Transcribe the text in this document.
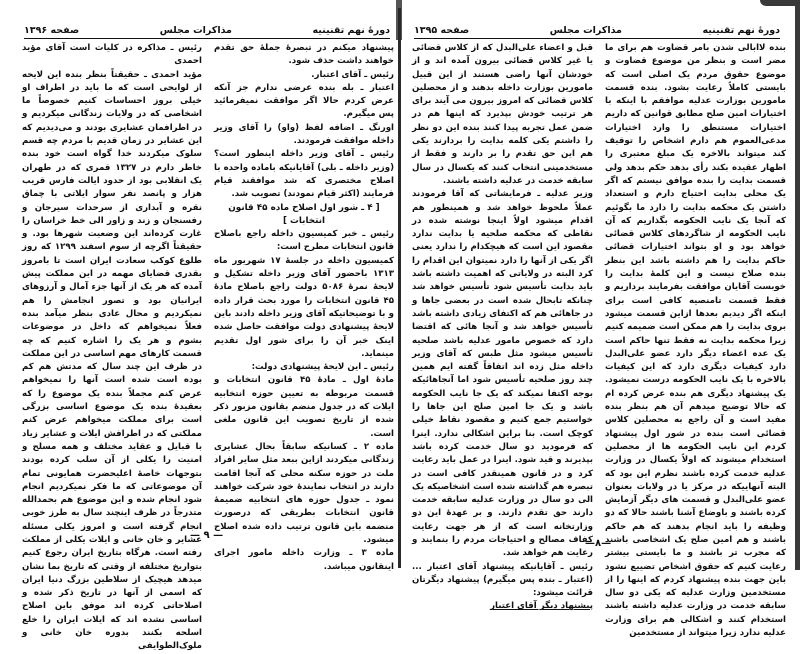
دورهٔ نهم تقنینیه
مذاکرات مجلس
صفحه ۱۳۹۶

پیشنهاد میکنم در تبصرهٔ جملهٔ حق تقدم خواهند داشت حذف شود.

رئیس ـ آقای اعتبار.

اعتبار ـ بله بنده عرضی ندارم جز آنکه عرض کردم حالا اگر موافقت نمیفرمائید پس میگیرم.

اورنگ ـ اضافه لفظ (واو) را آقای وزیر داخله موافقت فرمودند.

رئیس ـ آقای وزیر داخله اینطور است؟ (وزیر داخله ـ بلی) آقایانیکه باماده واحده با اصلاح مختصری که شد موافقند قیام فرمایند (اکثر قیام نمودند) تصویب شد.

[ ۴ ـ شور اول اصلاح ماده ۴۵ قانون انتخابات ]

رئیس ـ خبر کمیسیون داخله راجع باصلاح قانون انتخابات مطرح است:

کمیسیون داخله در جلسهٔ ۱۷ شهریور ماه ۱۳۱۳ باحضور آقای وزیر داخله تشکیل و لایحهٔ نمرهٔ ۵۰۸۶ دولت راجع باصلاح مادهٔ ۴۵ قانون انتخابات را مورد بحث قرار داده و با توضیحاتیکه آقای وزیر داخله دادند باین لایحهٔ پیشنهادی دولت موافقت حاصل شده اینک خبر آن را برای شور اول تقدیم مینماید.

رئیس ـ این لایحهٔ پیشنهادی دولت:

مادهٔ اول ـ مادهٔ ۴۵ قانون انتخابات و قسمت مربوطه به تعیین حوزه انتخابیه ایلات که در جدول منضم بقانون مزبور ذکر شده از تاریخ تصویب این قانون ملغی است.

ماده ۲ ـ کسانیکه سابقاً بحال عشایری زندگانی میکردند ازاین ببعد مثل سایر افراد ملت در حوزه سکنه محلی که آنجا اقامت دارند در انتخاب نمایندهٔ خود شرکت خواهند نمود ـ جدول حوزه های انتخابیه ضمیمهٔ قانون انتخابات بطریقی که درصورت منضمه باین قانون ترتیب داده شده اصلاح میشود.

ماده ۳ ـ وزارت داخله مامور اجرای اینقانون میباشد.

رئیس ـ مذاکره در کلیات است آقای مؤید احمدی

مؤید احمدی ـ حقیقتاً بنظر بنده این لایحه از لوایحی است که ما باید در اطراف او خیلی بروز احساسات کنیم خصوصاً ما اشخاصی که در ولایات زندگانی میکردیم و در اطرافمان عشایری بودند و می‌دیدیم که این عشایر در زمان قدیم با مردم چه قسم سلوک میکردند خدا گواه است خود بنده خاطر دارم در ۱۳۲۷ قمری که در طهران یک انقلابی بود از حدود ایالت فارس قریب هزار و پانصد نفر سوار ایلاتی با چماق نقره و آبداری از سرحدات سیرجان و رفسنجان و زند و زاور الی خط خراسان را غارت کرده‌اند این وضعیت شهرها بود. و حقیقتاً اگرچه از سوم اسفند ۱۲۹۹ که روز طلوع کوکب سعادت ایران است تا بامروز بقدری قضایای مهمه در این مملکت پیش آمده که هر یک از آنها جزء آمال و آرزوهای ایرانیان بود و تصور انجامش را هم نمیکردیم و محال عادی بنظر میآمد بنده فعلاً نمیخواهم که داخل در موضوعات بشوم و هر یک را اشاره کنیم که چه قسمت کارهای مهم اساسی در این مملکت در ظرف این چند سال که مدتش هم کم بوده است شده است آنها را نمیخواهم عرض کنم مجملاً بنده یک موضوع را که بعقیدهٔ بنده یک موضوع اساسی بزرگی است برای مملکت میخواهم عرض کنم مملکتی که در اطرافش ایلات و عشایر زیاد با قبایل و عقاید مختلف و همه مسلح و امنیت را یکلی از آن سلب کرده بودند بتوجهات خاصهٔ اعلیحضرت همایونی تمام آن موضوعاتی که ما فکر نمیکردیم انجام شود انجام شده و این موضوع هم بحمدالله متدرجاً در ظرف اینچند سال به طرز خوبی انجام گرفته است و امروز یکلی مسئله عشایر و خان خانی و ایلات یکلی از مملکت رفته است. هرگاه بتاریخ ایران رجوع کنیم بتواریخ مختلفه از وقتی که تاریخ بما نشان میدهد هیچیک از سلاطین بزرگ دنیا ایران که اسمی از آنها در تاریخ ذکر شده و اصلاحاتی کرده اند موفق باین اصلاح اساسی نشده اند که ایلات ایران را خلع اسلحه بکنند بدوره خان خانی و ملوک‌الطوایفی

— ۹ —
دورهٔ نهم تقنینیه
مذاکرات مجلس
صفحه ۱۳۹۵

بنده لاابالی شدن بامر قضاوت هم برای ما مضر است و بنظر من موضوع قضاوت و موضوع حقوق مردم یک اصلی است که بایستی کاملاً رعایت بشود. بنده قسمت مامورین بوزارت عدلیه موافقم با اینکه با اختیارات امین صلح مطابق قوانین که داریم اختیارات مستنطق را وارد اختیارات مدعی‌العموم هم دارم اشخاص را توقیف کند میتواند بالاخره یک مبلغ معتبری را اظهار عقیده بکند رأی بدهد حکم بدهد ولی قسمت بدایت را بنده موافق نیستم که اگر یک محلی بدایت احتیاج دارم و استعداد داشتن یک محکمه بدایت را دارد ما بگوئیم که آنجا یک نایب الحکومه بگذاریم که آن نایب الحکومه از شاگردهای کلاس قضائی خواهد بود و او بتواند اختیارات قضائی حاکم بدایت را هم داشته باشد این بنظر بنده صلاح نیست و این کلمهٔ بدایت را خوبست آقایان موافقت بفرمایند برداریم و فقط قسمت تامنصیه کافی است برای اینکه اگر دیدیم بعدها ازاین قسمت میشود بروی بدایت را هم ممکن است ضمیمه کنیم زیرا محکمه بدایت نه فقط تنها حاکم است یک عده اعضاء دیگر دارد عضو علی‌البدل دارد کیفیات دیگری دارد که این کیفیات بالاخره با یک نایب الحکومه درست نمیشود. یک پیشنهاد دیگری هم بنده عرض کرده ام که حالا توضیح میدهم آن هم بنظر بنده مفید است و آن راجع به محصلین کلاس قضائی است بنده در شور اول پیشنهاد کردم این نایب الحکومه ها از محصلین استخدام میشوند که اولاً یکسال در وزارت عدلیه خدمت کرده باشند نظرم این بود که البته آنهاییکه در مرکز یا در ولایات بعنوان عضو علی‌البدل و قسمت های دیگر آزمایش کرده باشند و باوضاع آشنا باشند حالا که دو وظیفه را باید انجام بدهند که هم حاکم باشند و هم امین صلح یک اشخاصی باشند که مجرب تر باشند و ما بایستی بیشتر رعایت کنیم که حقوق اشخاص تضییع نشود باین جهت بنده پیشنهاد کردم که اینها را از مستخدمین وزارت عدلیه که یکی دو سال سابقه خدمت در وزارت عدلیه داشته باشند استخدام کنند و اشکالی هم برای وزارت عدلیه ندارد زیرا میتواند از مستخدمین

قبل و اعضاء علی‌البدل که از کلاس قضائی یا غیر کلاس قضائی بیرون آمده اند و از خودشان آنها راضی هستند از این قبیل مامورین بوزارت داخله بدهند و از محصلین کلاس قضائی که امروز بیرون می آیند برای هر ترتیب خودش بپذیرد که اینها هم در ضمن عمل تجربه پیدا کنند بنده این دو نظر را داشتم یکی کلمه بدایت را بردارند یکی هم این حق تقدم را بر دارند و فقط از مستخدمینی انتخاب کنند که یکسال در سال سابقه خدمت در عدلیه داشته باشند.

وزیر عدلیه ـ فرمایشاتی که آقا فرمودند عملاً ملحوظ خواهد شد و همینطور هم اقدام میشود اولاً اینجا نوشته شده در نقاطی که محکمه صلحیه یا بدایت ندارد مقصود این است که هیچکدام را ندارد یعنی اگر یکی از آنها را دارد نمیتوان این اقدام را کرد البته در ولایاتی که اهمیت داشته باشد باید بدایت تأسیس شود تأسیس خواهد شد چنانکه تابحال شده است در بعضی جاها و در جاهائی هم که اکتفای زیادی داشته باشد تأسیس خواهد شد و آنجا هائی که اقتضا دارد که خصوص مامور عدلیه باشد صلحیه تأسیس میشود مثل طبس که آقای وزیر داخله مثل زده اند اتفاقاً گفته ایم همین چند روز صلحیه تأسیس شود اما آنجاهائیکه بوجه اکتفا نمیکند که یک جا نایب الحکومه باشد و یک جا امین صلح این جاها را خواستیم جمع کنیم و مقصود نقاط خیلی کوچک است. بنا براین اشکالی ندارد. اینرا که فرمودید دو سال خدمت کرده باشد بپذیرند و قید شود. اینرا در عمل باید رعایت کرد و در قانون همینقدر کافی است در تبصره هم گذاشته شده است اشخاصیکه یک الی دو سال در وزارت عدلیه سابقه خدمت دارند حق تقدم دارند. و بر عهدهٔ این دو وزارتخانه است که از هر جهت رعایت کفاف مصالح و احتیاجات مردم را بنمایند و رعایت هم خواهد شد.

رئیس ـ آقایانیکه پیشنهاد آقای اعتبار ... (اعتبار ـ بنده پس میگیرم) پیشنهاد دیگرتان قرائت میشود:

پیشنهاد دیگر آقای اعتبار

—۸—
